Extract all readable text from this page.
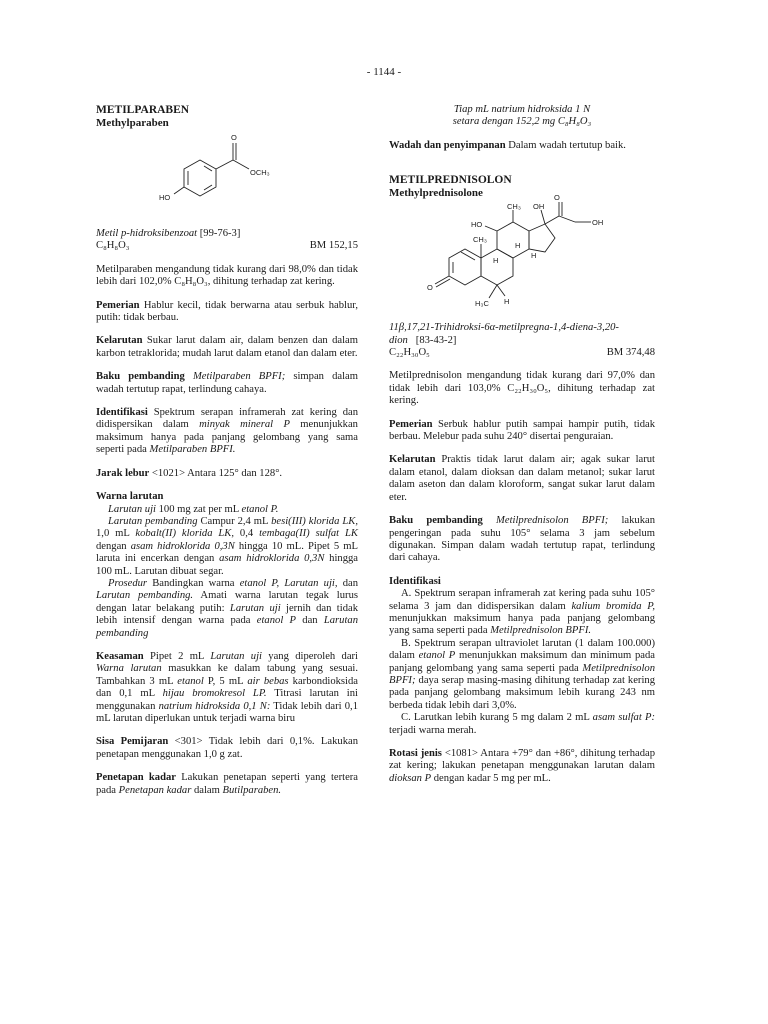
- 1144 -
METILPARABEN
Methylparaben
O
OCH₃
HO

Metil p-hidroksibenzoat [99-76-3]

C₈H₈O₃	BM 152,15

Metilparaben mengandung tidak kurang dari 98,0% dan tidak lebih dari 102,0% C₈H₈O₃, dihitung terhadap zat kering.

Pemerian Hablur kecil, tidak berwarna atau serbuk hablur, putih: tidak berbau.

Kelarutan Sukar larut dalam air, dalam benzen dan dalam karbon tetraklorida; mudah larut dalam etanol dan dalam eter.

Baku pembanding Metilparaben BPFI; simpan dalam wadah tertutup rapat, terlindung cahaya.

Identifikasi Spektrum serapan inframerah zat kering dan didispersikan dalam minyak mineral P menunjukkan maksimum hanya pada panjang gelombang yang sama seperti pada Metilparaben BPFI.

Jarak lebur <1021> Antara 125° dan 128°.

Warna larutan

Larutan uji 100 mg zat per mL etanol P.

Larutan pembanding Campur 2,4 mL besi(III) klorida LK, 1,0 mL kobalt(II) klorida LK, 0,4 tembaga(II) sulfat LK dengan asam hidroklorida 0,3N hingga 10 mL. Pipet 5 mL laruta ini encerkan dengan asam hidroklorida 0,3N hingga 100 mL. Larutan dibuat segar.

Prosedur Bandingkan warna etanol P, Larutan uji, dan Larutan pembanding. Amati warna larutan tegak lurus dengan latar belakang putih: Larutan uji jernih dan tidak lebih intensif dengan warna pada etanol P dan Larutan pembanding

Keasaman Pipet 2 mL Larutan uji yang diperoleh dari Warna larutan masukkan ke dalam tabung yang sesuai. Tambahkan 3 mL etanol P, 5 mL air bebas karbondioksida dan 0,1 mL hijau bromokresol LP. Titrasi larutan ini menggunakan natrium hidroksida 0,1 N: Tidak lebih dari 0,1 mL larutan diperlukan untuk terjadi warna biru

Sisa Pemijaran <301> Tidak lebih dari 0,1%. Lakukan penetapan menggunakan 1,0 g zat.

Penetapan kadar Lakukan penetapan seperti yang tertera pada Penetapan kadar dalam Butilparaben.

Tiap mL natrium hidroksida 1 N

setara dengan 152,2 mg C₈H₈O₃

Wadah dan penyimpanan Dalam wadah tertutup baik.

METILPREDNISOLON
Methylprednisolone	O
OH
OH
CH₃
HO
CH₃
H
H
H
O
H₃C H

11β,17,21-Trihidroksi-6α-metilpregna-1,4-diena-3,20-dion [83-43-2]

C₂₂H₃₀O₅	BM 374,48

Metilprednisolon mengandung tidak kurang dari 97,0% dan tidak lebih dari 103,0% C₂₂H₃₀O₅, dihitung terhadap zat kering.

Pemerian Serbuk hablur putih sampai hampir putih, tidak berbau. Melebur pada suhu 240° disertai penguraian.

Kelarutan Praktis tidak larut dalam air; agak sukar larut dalam etanol, dalam dioksan dan dalam metanol; sukar larut dalam aseton dan dalam kloroform, sangat sukar larut dalam eter.

Baku pembanding Metilprednisolon BPFI; lakukan pengeringan pada suhu 105° selama 3 jam sebelum digunakan. Simpan dalam wadah tertutup rapat, terlindung dari cahaya.

Identifikasi

A. Spektrum serapan inframerah zat kering pada suhu 105° selama 3 jam dan didispersikan dalam kalium bromida P, menunjukkan maksimum hanya pada panjang gelombang yang sama seperti pada Metilprednisolon BPFI.

B. Spektrum serapan ultraviolet larutan (1 dalam 100.000) dalam etanol P menunjukkan maksimum dan minimum pada panjang gelombang yang sama seperti pada Metilprednisolon BPFI; daya serap masing-masing dihitung terhadap zat kering pada panjang gelombang maksimum lebih kurang 243 nm berbeda tidak lebih dari 3,0%.

C. Larutkan lebih kurang 5 mg dalam 2 mL asam sulfat P: terjadi warna merah.

Rotasi jenis <1081> Antara +79° dan +86°, dihitung terhadap zat kering; lakukan penetapan menggunakan larutan dalam dioksan P dengan kadar 5 mg per mL.
